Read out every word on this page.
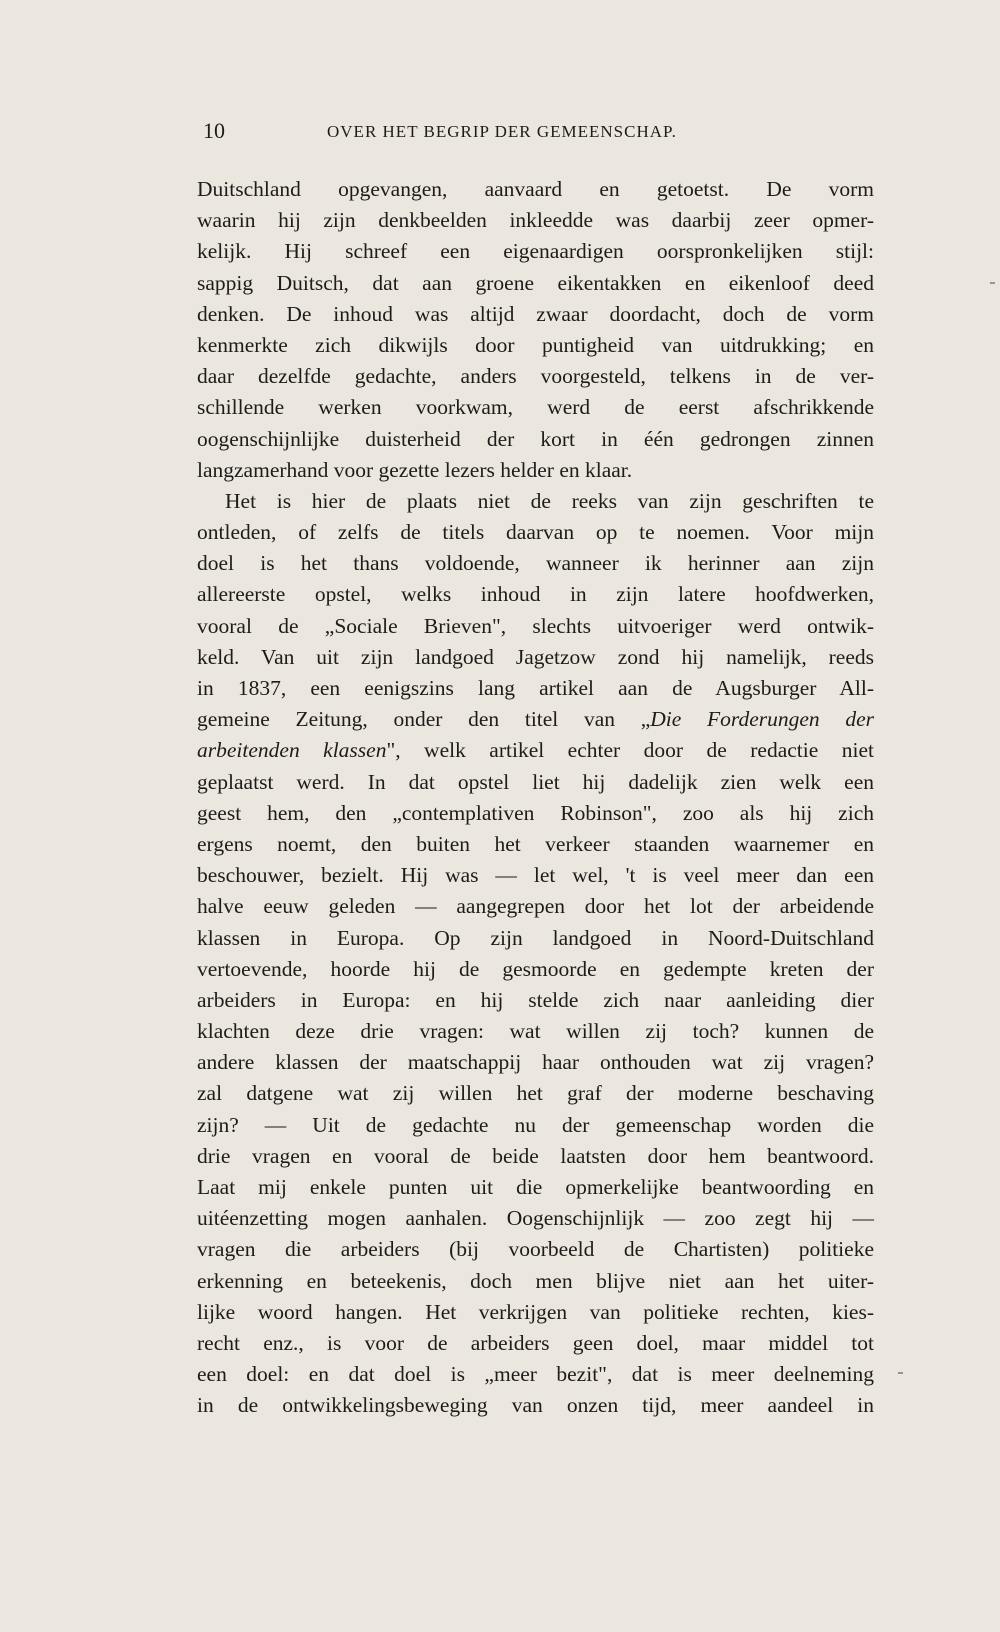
10	OVER HET BEGRIP DER GEMEENSCHAP.
Duitschland opgevangen, aanvaard en getoetst. De vorm
waarin hij zijn denkbeelden inkleedde was daarbij zeer opmer-
kelijk. Hij schreef een eigenaardigen oorspronkelijken stijl:
sappig Duitsch, dat aan groene eikentakken en eikenloof deed
denken. De inhoud was altijd zwaar doordacht, doch de vorm
kenmerkte zich dikwijls door puntigheid van uitdrukking; en
daar dezelfde gedachte, anders voorgesteld, telkens in de ver-
schillende werken voorkwam, werd de eerst afschrikkende
oogenschijnlijke duisterheid der kort in één gedrongen zinnen
langzamerhand voor gezette lezers helder en klaar.
Het is hier de plaats niet de reeks van zijn geschriften te
ontleden, of zelfs de titels daarvan op te noemen. Voor mijn
doel is het thans voldoende, wanneer ik herinner aan zijn
allereerste opstel, welks inhoud in zijn latere hoofdwerken,
vooral de „Sociale Brieven", slechts uitvoeriger werd ontwik-
keld. Van uit zijn landgoed Jagetzow zond hij namelijk, reeds
in 1837, een eenigszins lang artikel aan de Augsburger All-
gemeine Zeitung, onder den titel van „Die Forderungen der
arbeitenden klassen", welk artikel echter door de redactie niet
geplaatst werd. In dat opstel liet hij dadelijk zien welk een
geest hem, den „contemplativen Robinson", zoo als hij zich
ergens noemt, den buiten het verkeer staanden waarnemer en
beschouwer, bezielt. Hij was — let wel, 't is veel meer dan een
halve eeuw geleden — aangegrepen door het lot der arbeidende
klassen in Europa. Op zijn landgoed in Noord-Duitschland
vertoevende, hoorde hij de gesmoorde en gedempte kreten der
arbeiders in Europa: en hij stelde zich naar aanleiding dier
klachten deze drie vragen: wat willen zij toch? kunnen de
andere klassen der maatschappij haar onthouden wat zij vragen?
zal datgene wat zij willen het graf der moderne beschaving
zijn? — Uit de gedachte nu der gemeenschap worden die
drie vragen en vooral de beide laatsten door hem beantwoord.
Laat mij enkele punten uit die opmerkelijke beantwoording en
uitéenzetting mogen aanhalen. Oogenschijnlijk — zoo zegt hij —
vragen die arbeiders (bij voorbeeld de Chartisten) politieke
erkenning en beteekenis, doch men blijve niet aan het uiter-
lijke woord hangen. Het verkrijgen van politieke rechten, kies-
recht enz., is voor de arbeiders geen doel, maar middel tot
een doel: en dat doel is „meer bezit", dat is meer deelneming
in de ontwikkelingsbeweging van onzen tijd, meer aandeel in
